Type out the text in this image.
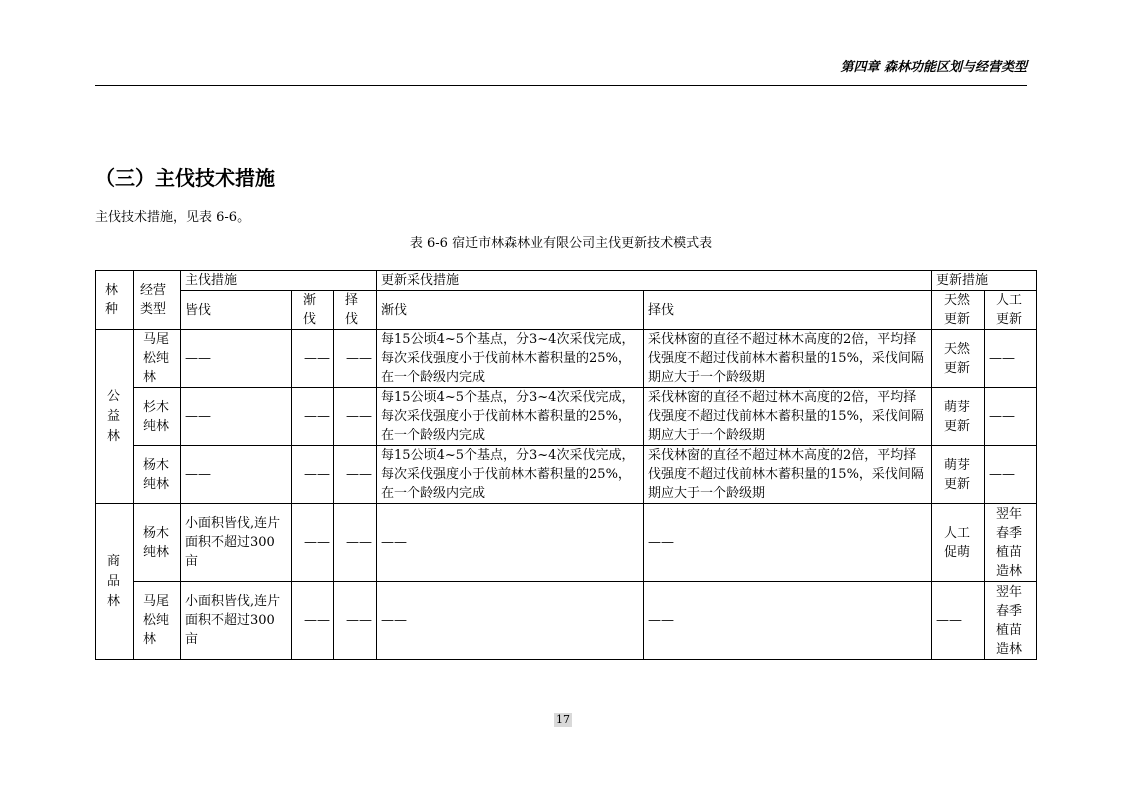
第四章 森林功能区划与经营类型
（三）主伐技术措施
主伐技术措施，见表 6-6。
表 6-6 宿迁市林森林业有限公司主伐更新技术模式表
林种	经营类型	主伐措施			更新采伐措施		更新措施	
		皆伐	渐伐	择伐	渐伐	择伐	天然更新	人工更新
公益林	马尾松纯林	——	——	——	每15公顷4~5个基点，分3~4次采伐完成，每次采伐强度小于伐前林木蓄积量的25%，在一个龄级内完成	采伐林窗的直径不超过林木高度的2倍，平均择伐强度不超过伐前林木蓄积量的15%，采伐间隔期应大于一个龄级期	天然更新	——
	杉木纯林	——	——	——	每15公顷4~5个基点，分3~4次采伐完成，每次采伐强度小于伐前林木蓄积量的25%，在一个龄级内完成	采伐林窗的直径不超过林木高度的2倍，平均择伐强度不超过伐前林木蓄积量的15%，采伐间隔期应大于一个龄级期	萌芽更新	——
	杨木纯林	——	——	——	每15公顷4~5个基点，分3~4次采伐完成，每次采伐强度小于伐前林木蓄积量的25%，在一个龄级内完成	采伐林窗的直径不超过林木高度的2倍，平均择伐强度不超过伐前林木蓄积量的15%，采伐间隔期应大于一个龄级期	萌芽更新	——
商品林	杨木纯林	小面积皆伐,连片面积不超过300亩	——	——	——	——	人工促萌	翌年春季植苗造林
	马尾松纯林	小面积皆伐,连片面积不超过300亩	——	——	——	——	——	翌年春季植苗造林
17
